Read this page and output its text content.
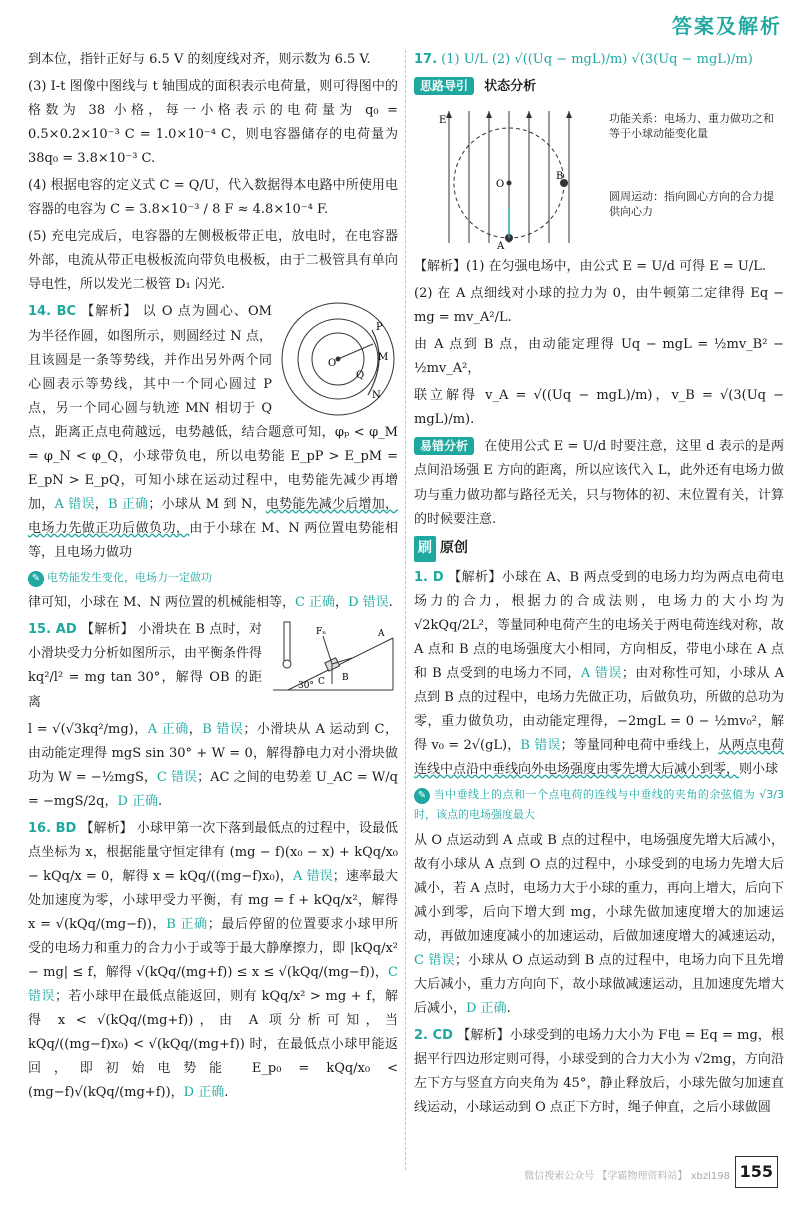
答案及解析

到本位，指针正好与 6.5 V 的刻度线对齐，则示数为 6.5 V.

(3) I-t 图像中图线与 t 轴围成的面积表示电荷量，则可得图中的格数为 38 小格，每一小格表示的电荷量为 q₀ = 0.5×0.2×10⁻³ C = 1.0×10⁻⁴ C，则电容器储存的电荷量为 38q₀ = 3.8×10⁻³ C.

(4) 根据电容的定义式 C = Q/U，代入数据得本电路中所使用电容器的电容为 C = 3.8×10⁻³ / 8 F ≈ 4.8×10⁻⁴ F.

(5) 充电完成后，电容器的左侧极板带正电，放电时，在电容器外部，电流从带正电极板流向带负电极板，由于二极管具有单向导电性，所以发光二极管 D₁ 闪光.

O
P
M
N
Q

14. BC 【解析】 以 O 点为圆心、OM 为半径作圆，如图所示，则圆经过 N 点，且该圆是一条等势线，并作出另外两个同心圆表示等势线，其中一个同心圆过 P 点，另一个同心圆与轨迹 MN 相切于 Q 点，距离正点电荷越远，电势越低，结合题意可知，φₚ < φ_M = φ_N < φ_Q，小球带负电，所以电势能 E_pP > E_pM = E_pN > E_pQ，可知小球在运动过程中，电势能先减少再增加，A 错误，B 正确；小球从 M 到 N，电势能先减少后增加，电场力先做正功后做负功，由于小球在 M、N 两位置电势能相等，且电场力做功

✎ 电势能发生变化，电场力一定做功

律可知，小球在 M、N 两位置的机械能相等，C 正确，D 错误.

Fₙ
30°
A
B
C

15. AD 【解析】 小滑块在 B 点时，对小滑块受力分析如图所示，由平衡条件得 kq²/l² = mg tan 30°，解得 OB 的距离

l = √(√3kq²/mg)，A 正确，B 错误；小滑块从 A 运动到 C，由动能定理得 mgS sin 30° + W = 0，解得静电力对小滑块做功为 W = −½mgS，C 错误；AC 之间的电势差 U_AC = W/q = −mgS/2q，D 正确.

16. BD 【解析】 小球甲第一次下落到最低点的过程中，设最低点坐标为 x，根据能量守恒定律有 (mg − f)(x₀ − x) + kQq/x₀ − kQq/x = 0，解得 x = kQq/((mg−f)x₀)，A 错误；速率最大处加速度为零，小球甲受力平衡，有 mg = f + kQq/x²，解得 x = √(kQq/(mg−f))，B 正确；最后停留的位置要求小球甲所受的电场力和重力的合力小于或等于最大静摩擦力，即 |kQq/x² − mg| ≤ f，解得 √(kQq/(mg+f)) ≤ x ≤ √(kQq/(mg−f))，C 错误；若小球甲在最低点能返回，则有 kQq/x² > mg + f，解得 x < √(kQq/(mg+f))，由 A 项分析可知，当 kQq/((mg−f)x₀) < √(kQq/(mg+f)) 时，在最低点小球甲能返回，即初始电势能 E_p₀ = kQq/x₀ < (mg−f)√(kQq/(mg+f))，D 正确.

17. (1) U/L (2) √((Uq − mgL)/m) √(3(Uq − mgL)/m)

思路导引 状态分析

E
O
B
A
功能关系：电场力、重力做功之和等于小球动能变化量
圆周运动：指向圆心方向的合力提供向心力

【解析】(1) 在匀强电场中，由公式 E = U/d 可得 E = U/L.

(2) 在 A 点细线对小球的拉力为 0，由牛顿第二定律得 Eq − mg = mv_A²/L.

由 A 点到 B 点，由动能定理得 Uq − mgL = ½mv_B² − ½mv_A²，

联立解得 v_A = √((Uq − mgL)/m)，v_B = √(3(Uq − mgL)/m).

易错分析 在使用公式 E = U/d 时要注意，这里 d 表示的是两点间沿场强 E 方向的距离，所以应该代入 L，此外还有电场力做功与重力做功都与路径无关，只与物体的初、末位置有关，计算的时候要注意.

刷 原创

1. D 【解析】小球在 A、B 两点受到的电场力均为两点电荷电场力的合力，根据力的合成法则，电场力的大小均为 √2kQq/2L²，等量同种电荷产生的电场关于两电荷连线对称，故 A 点和 B 点的电场强度大小相同，方向相反，带电小球在 A 点和 B 点受到的电场力不同，A 错误；由对称性可知，小球从 A 点到 B 点的过程中，电场力先做正功，后做负功，所做的总功为零，重力做负功，由动能定理得，−2mgL = 0 − ½mv₀²，解得 v₀ = 2√(gL)，B 错误；等量同种电荷中垂线上，从两点电荷连线中点沿中垂线向外电场强度由零先增大后减小到零，则小球

✎ 当中垂线上的点和一个点电荷的连线与中垂线的夹角的余弦值为 √3/3 时，该点的电场强度最大

从 O 点运动到 A 点或 B 点的过程中，电场强度先增大后减小，故有小球从 A 点到 O 点的过程中，小球受到的电场力先增大后减小，若 A 点时，电场力大于小球的重力，再向上增大，后向下减小到零，后向下增大到 mg，小球先做加速度增大的加速运动，再做加速度减小的加速运动，后做加速度增大的减速运动，C 错误；小球从 O 点运动到 B 点的过程中，电场力向下且先增大后减小，重力方向向下，故小球做减速运动，且加速度先增大后减小，D 正确.

2. CD 【解析】小球受到的电场力大小为 F电 = Eq = mg，根据平行四边形定则可得，小球受到的合力大小为 √2mg，方向沿左下方与竖直方向夹角为 45°，静止释放后，小球先做匀加速直线运动，小球运动到 O 点正下方时，绳子伸直，之后小球做圆

微信搜索公众号 【学霸物理资料站】 xbzl198 155
